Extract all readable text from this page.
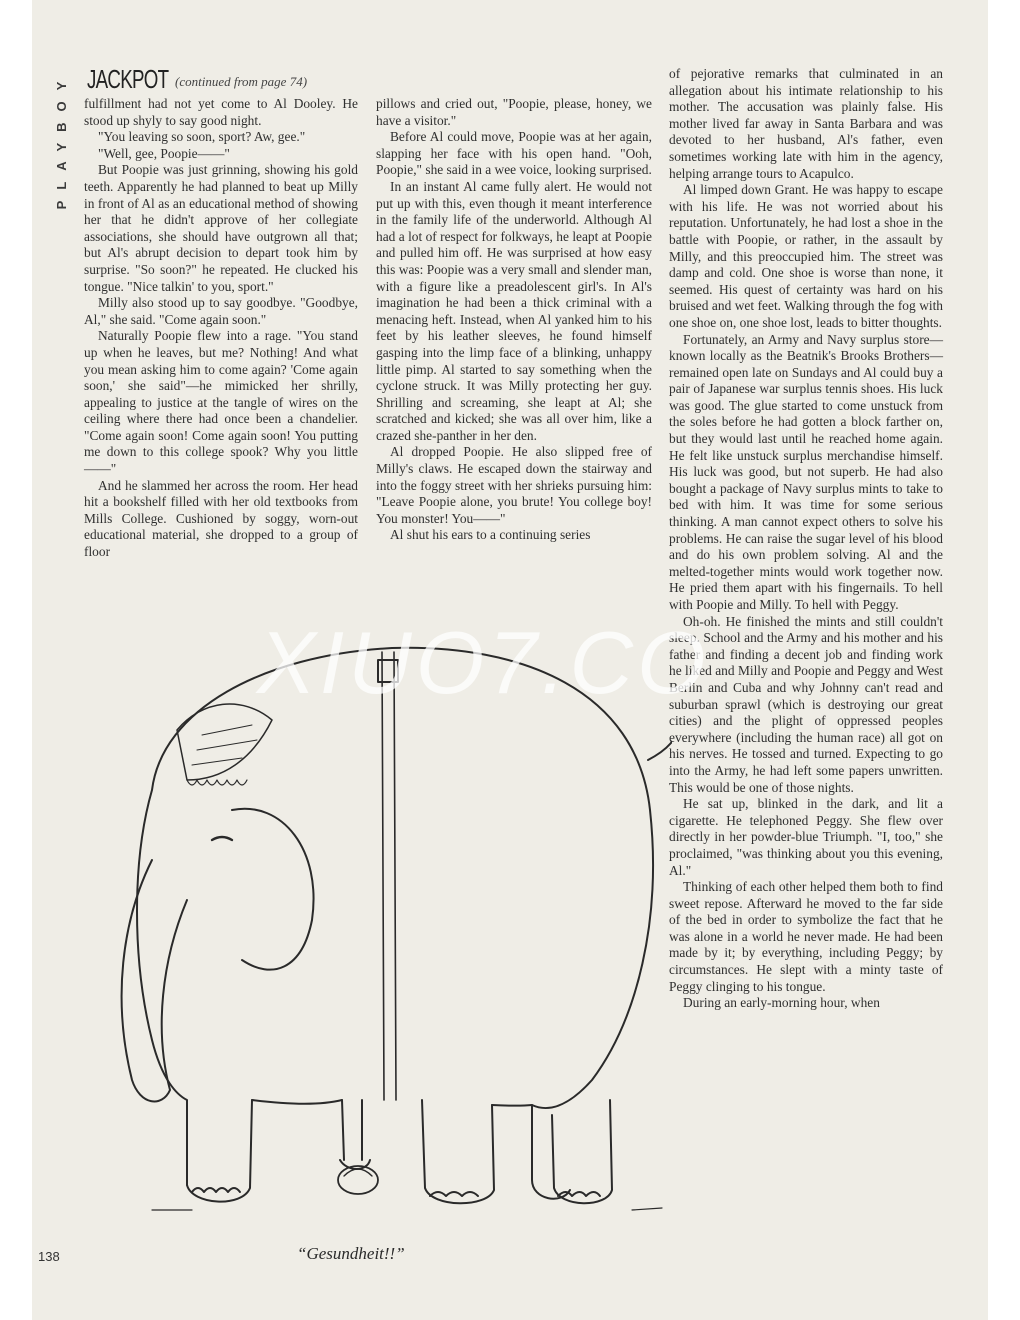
PLAYBOY JACKPOT (continued from page 74)

fulfillment had not yet come to Al Dooley. He stood up shyly to say good night.

"You leaving so soon, sport? Aw, gee."

"Well, gee, Poopie——"

But Poopie was just grinning, showing his gold teeth. Apparently he had planned to beat up Milly in front of Al as an educational method of showing her that he didn't approve of her collegiate associations, she should have outgrown all that; but Al's abrupt decision to depart took him by surprise. "So soon?" he repeated. He clucked his tongue. "Nice talkin' to you, sport."

Milly also stood up to say goodbye. "Goodbye, Al," she said. "Come again soon."

Naturally Poopie flew into a rage. "You stand up when he leaves, but me? Nothing! And what you mean asking him to come again? 'Come again soon,' she said"—he mimicked her shrilly, appealing to justice at the tangle of wires on the ceiling where there had once been a chandelier. "Come again soon! Come again soon! You putting me down to this college spook? Why you little——"

And he slammed her across the room. Her head hit a bookshelf filled with her old textbooks from Mills College. Cushioned by soggy, worn-out educational material, she dropped to a group of floor

pillows and cried out, "Poopie, please, honey, we have a visitor."

Before Al could move, Poopie was at her again, slapping her face with his open hand. "Ooh, Poopie," she said in a wee voice, looking surprised.

In an instant Al came fully alert. He would not put up with this, even though it meant interference in the family life of the underworld. Although Al had a lot of respect for folkways, he leapt at Poopie and pulled him off. He was surprised at how easy this was: Poopie was a very small and slender man, with a figure like a preadolescent girl's. In Al's imagination he had been a thick criminal with a menacing heft. Instead, when Al yanked him to his feet by his leather sleeves, he found himself gasping into the limp face of a blinking, unhappy little pimp. Al started to say something when the cyclone struck. It was Milly protecting her guy. Shrilling and screaming, she leapt at Al; she scratched and kicked; she was all over him, like a crazed she-panther in her den.

Al dropped Poopie. He also slipped free of Milly's claws. He escaped down the stairway and into the foggy street with her shrieks pursuing him: "Leave Poopie alone, you brute! You college boy! You monster! You——"

Al shut his ears to a continuing series

of pejorative remarks that culminated in an allegation about his intimate relationship to his mother. The accusation was plainly false. His mother lived far away in Santa Barbara and was devoted to her husband, Al's father, even sometimes working late with him in the agency, helping arrange tours to Acapulco.

Al limped down Grant. He was happy to escape with his life. He was not worried about his reputation. Unfortunately, he had lost a shoe in the battle with Poopie, or rather, in the assault by Milly, and this preoccupied him. The street was damp and cold. One shoe is worse than none, it seemed. His quest of certainty was hard on his bruised and wet feet. Walking through the fog with one shoe on, one shoe lost, leads to bitter thoughts.

Fortunately, an Army and Navy surplus store—known locally as the Beatnik's Brooks Brothers—remained open late on Sundays and Al could buy a pair of Japanese war surplus tennis shoes. His luck was good. The glue started to come unstuck from the soles before he had gotten a block farther on, but they would last until he reached home again. He felt like unstuck surplus merchandise himself. His luck was good, but not superb. He had also bought a package of Navy surplus mints to take to bed with him. It was time for some serious thinking. A man cannot expect others to solve his problems. He can raise the sugar level of his blood and do his own problem solving. Al and the melted-together mints would work together now. He pried them apart with his fingernails. To hell with Poopie and Milly. To hell with Peggy.

Oh-oh. He finished the mints and still couldn't sleep. School and the Army and his mother and his father and finding a decent job and finding work he liked and Milly and Poopie and Peggy and West Berlin and Cuba and why Johnny can't read and suburban sprawl (which is destroying our great cities) and the plight of oppressed peoples everywhere (including the human race) all got on his nerves. He tossed and turned. Expecting to go into the Army, he had left some papers unwritten. This would be one of those nights.

He sat up, blinked in the dark, and lit a cigarette. He telephoned Peggy. She flew over directly in her powder-blue Triumph. "I, too," she proclaimed, "was thinking about you this evening, Al."

Thinking of each other helped them both to find sweet repose. Afterward he moved to the far side of the bed in order to symbolize the fact that he was alone in a world he never made. He had been made by it; by everything, including Peggy; by circumstances. He slept with a minty taste of Peggy clinging to his tongue.

During an early-morning hour, when

“Gesundheit!!”
138
XIUO7.CO
